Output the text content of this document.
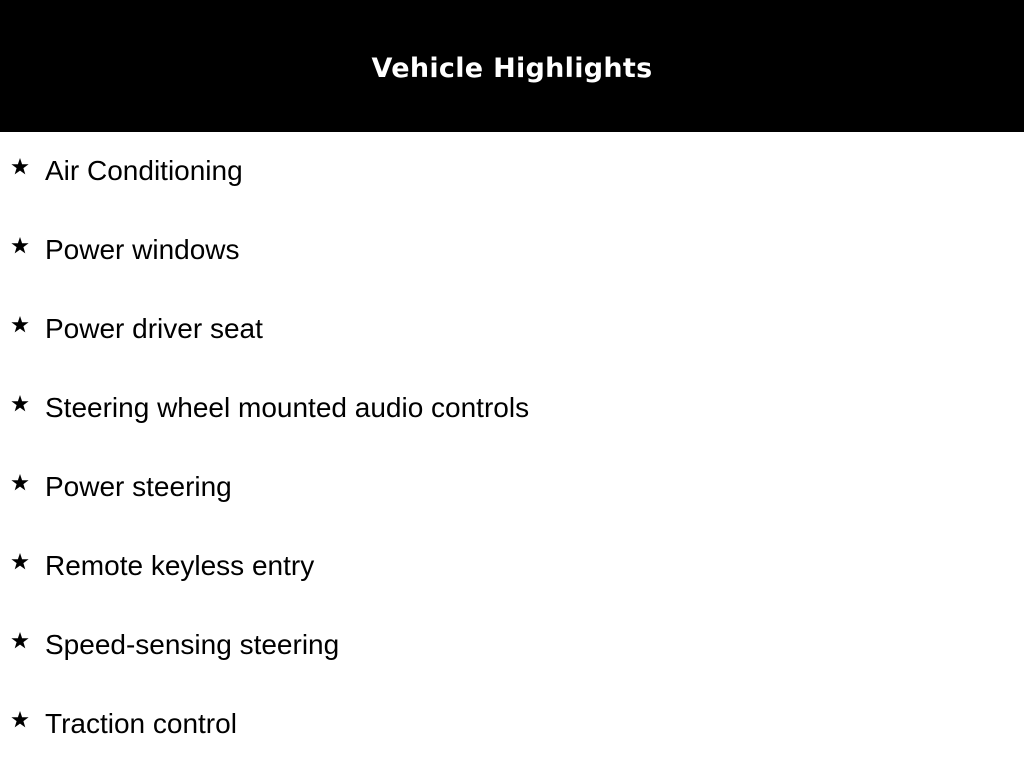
Vehicle Highlights
Air Conditioning
Power windows
Power driver seat
Steering wheel mounted audio controls
Power steering
Remote keyless entry
Speed-sensing steering
Traction control
